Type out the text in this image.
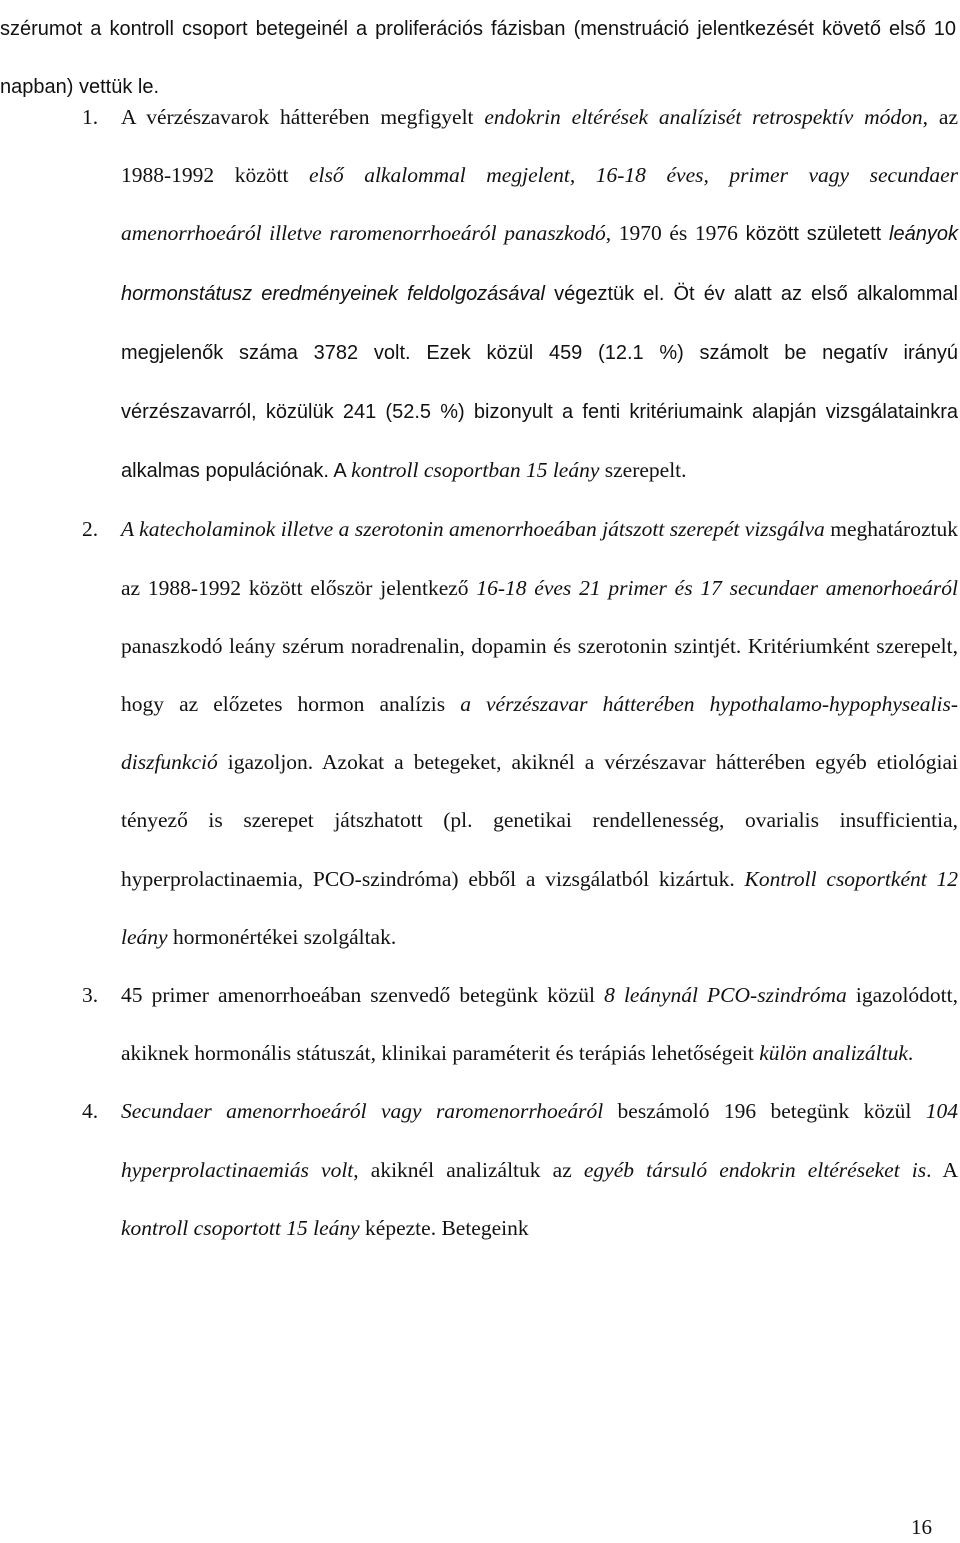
szérumot a kontroll csoport betegeinél a proliferációs fázisban (menstruáció jelentkezését követő első 10 napban) vettük le.

1. A vérzészavarok hátterében megfigyelt endokrin eltérések analízisét retrospektív módon, az 1988-1992 között első alkalommal megjelent, 16-18 éves, primer vagy secundaer amenorrhoeáról illetve raromenorrhoeáról panaszkodó, 1970 és 1976 között született leányok hormonstátusz eredményeinek feldolgozásával végeztük el. Öt év alatt az első alkalommal megjelenők száma 3782 volt. Ezek közül 459 (12.1 %) számolt be negatív irányú vérzészavarról, közülük 241 (52.5 %) bizonyult a fenti kritériumaink alapján vizsgálatainkra alkalmas populációnak. A kontroll csoportban 15 leány szerepelt.
2. A katecholaminok illetve a szerotonin amenorrhoeában játszott szerepét vizsgálva meghatároztuk az 1988-1992 között először jelentkező 16-18 éves 21 primer és 17 secundaer amenorhoeáról panaszkodó leány szérum noradrenalin, dopamin és szerotonin szintjét. Kritériumként szerepelt, hogy az előzetes hormon analízis a vérzészavar hátterében hypothalamo-hypophysealis-diszfunkció igazoljon. Azokat a betegeket, akiknél a vérzészavar hátterében egyéb etiológiai tényező is szerepet játszhatott (pl. genetikai rendellenesség, ovarialis insufficientia, hyperprolactinaemia, PCO-szindróma) ebből a vizsgálatból kizártuk. Kontroll csoportként 12 leány hormonértékei szolgáltak.
3. 45 primer amenorrhoeában szenvedő betegünk közül 8 leánynál PCO-szindróma igazolódott, akiknek hormonális státuszát, klinikai paraméterit és terápiás lehetőségeit külön analizáltuk.
4. Secundaer amenorrhoeáról vagy raromenorrhoeáról beszámoló 196 betegünk közül 104 hyperprolactinaemiás volt, akiknél analizáltuk az egyéb társuló endokrin eltéréseket is. A kontroll csoportott 15 leány képezte. Betegeink
16
